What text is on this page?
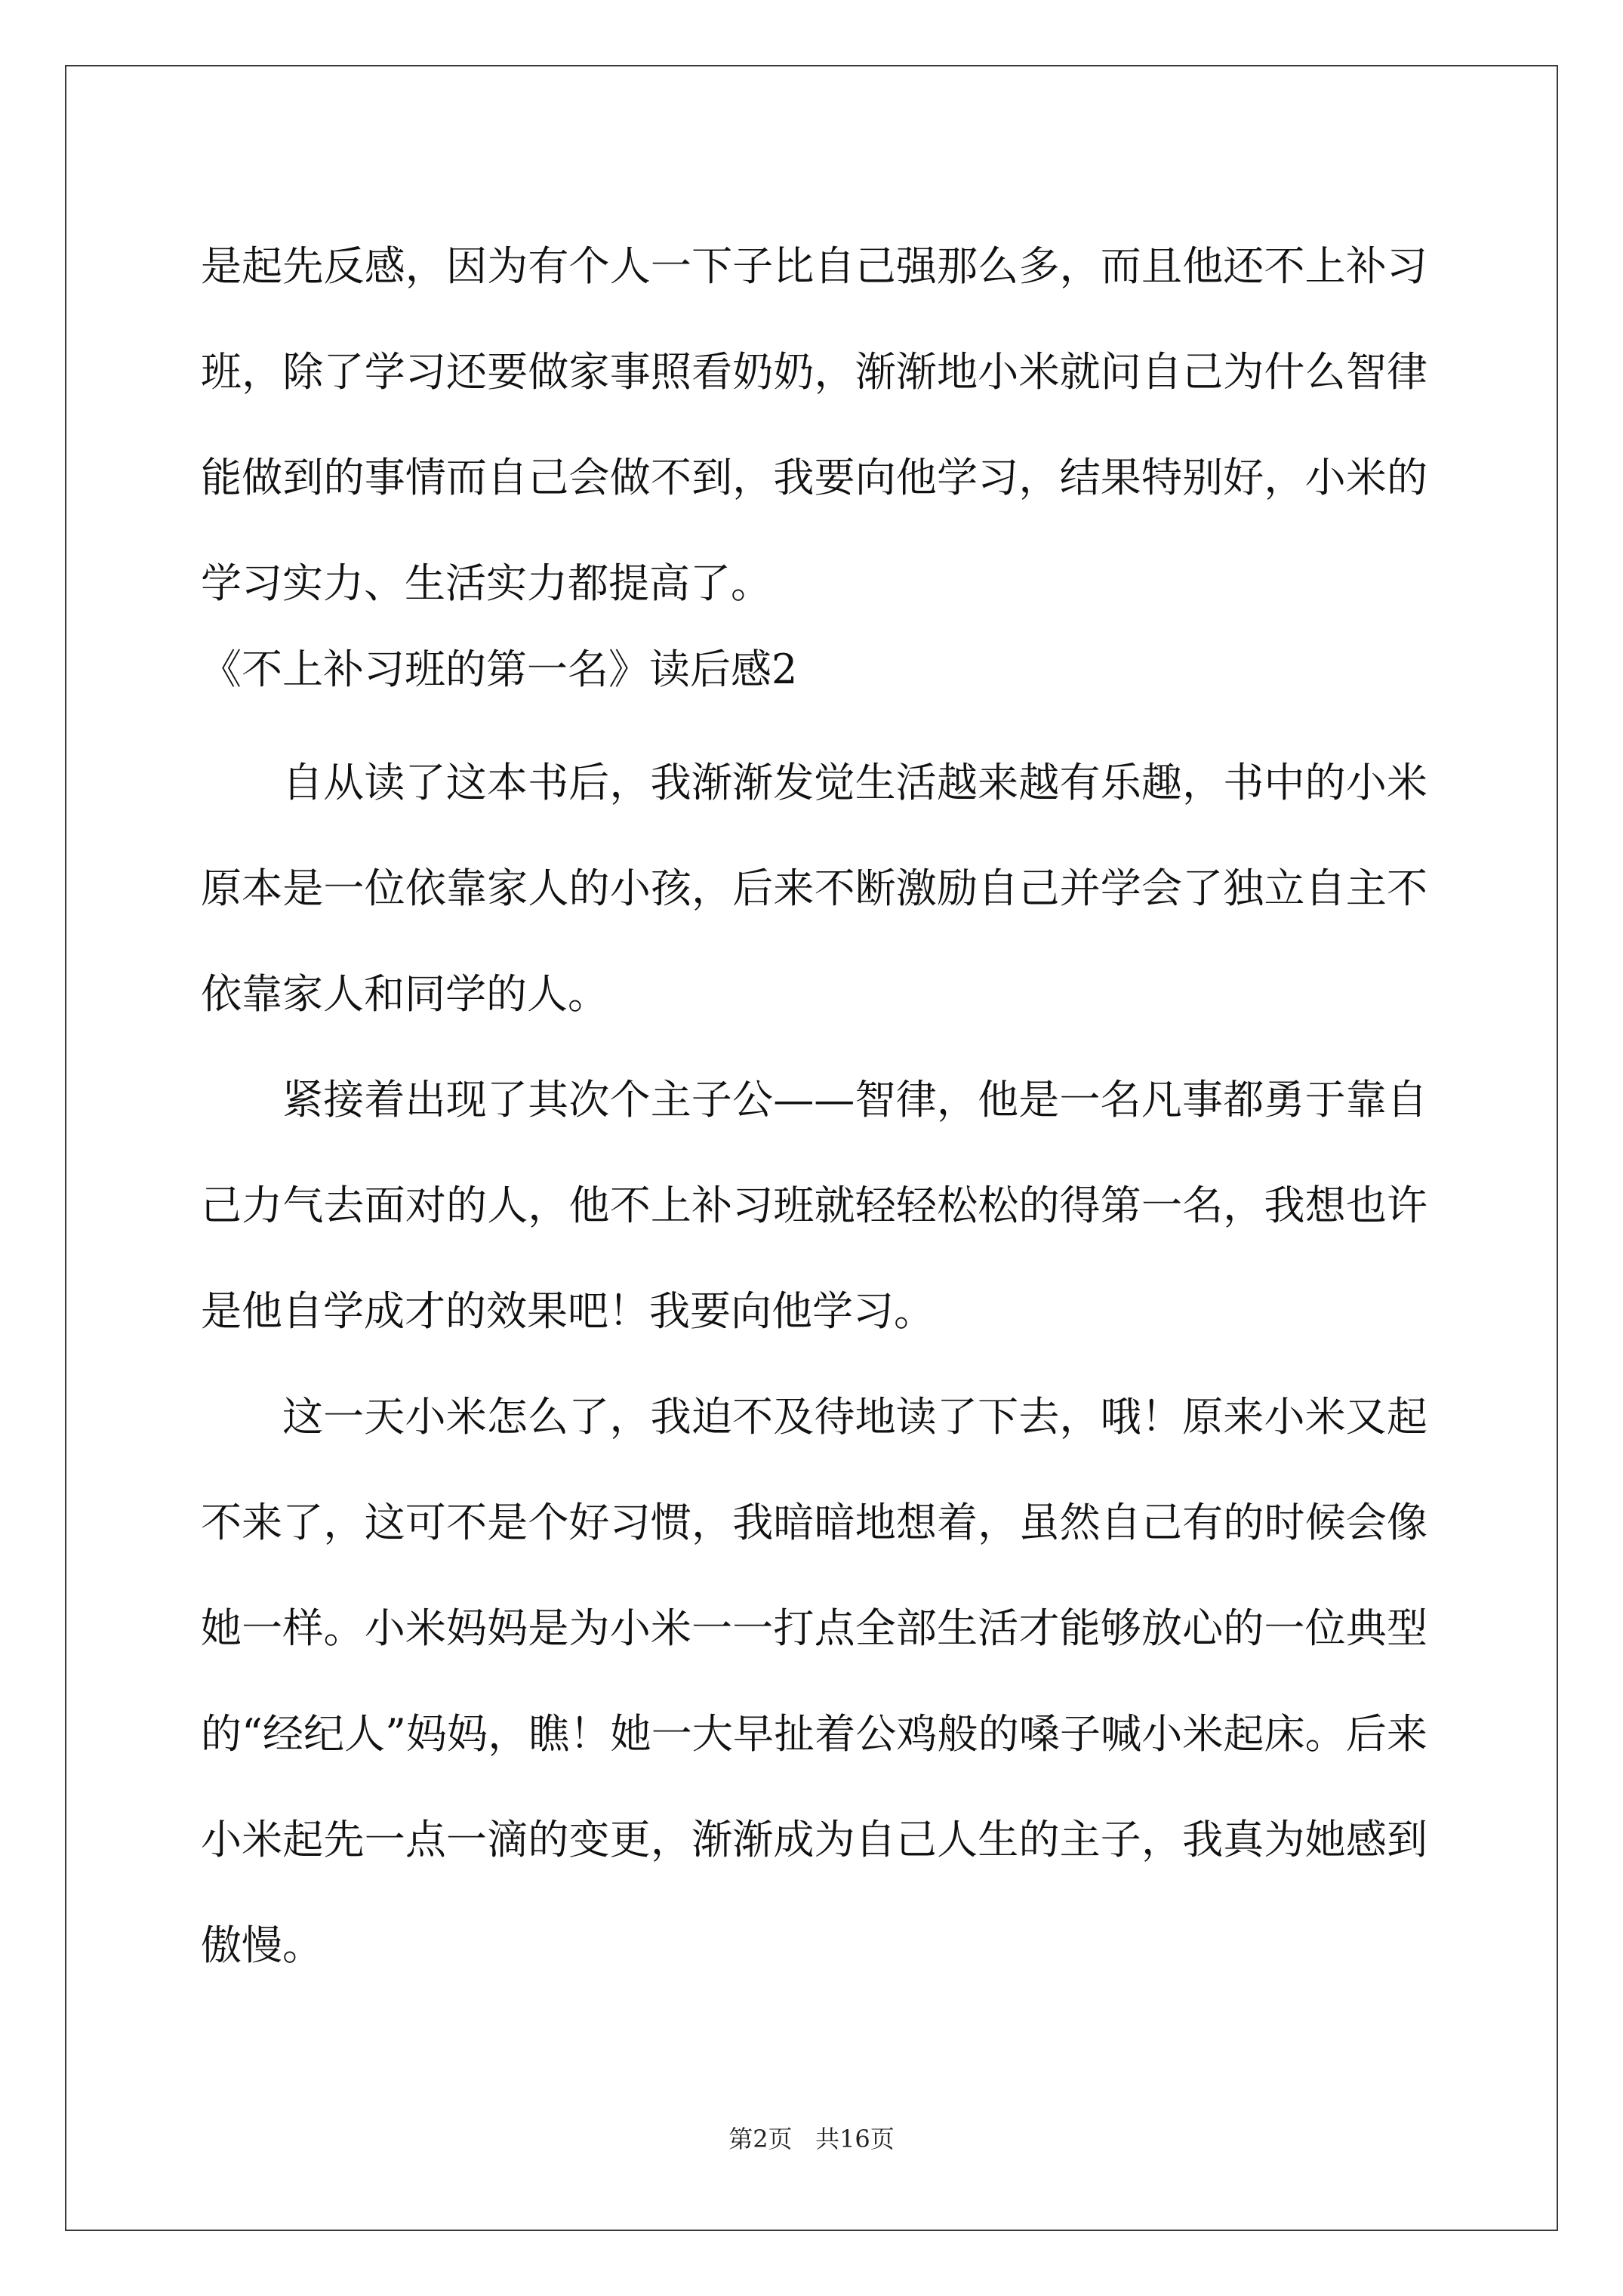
是起先反感，因为有个人一下子比自己强那么多，而且他还不上补习班，除了学习还要做家事照看奶奶，渐渐地小米就问自己为什么智律能做到的事情而自己会做不到，我要向他学习，结果特别好，小米的学习实力、生活实力都提高了。

《不上补习班的第一名》读后感2

自从读了这本书后，我渐渐发觉生活越来越有乐趣，书中的小米原本是一位依靠家人的小孩，后来不断激励自己并学会了独立自主不依靠家人和同学的人。

紧接着出现了其次个主子公——智律，他是一名凡事都勇于靠自己力气去面对的人，他不上补习班就轻轻松松的得第一名，我想也许是他自学成才的效果吧！我要向他学习。

这一天小米怎么了，我迫不及待地读了下去，哦！原来小米又起不来了，这可不是个好习惯，我暗暗地想着，虽然自己有的时候会像她一样。小米妈妈是为小米一一打点全部生活才能够放心的一位典型的“经纪人”妈妈，瞧！她一大早扯着公鸡般的嗓子喊小米起床。后来小米起先一点一滴的变更，渐渐成为自己人生的主子，我真为她感到傲慢。

第2页   共16页
